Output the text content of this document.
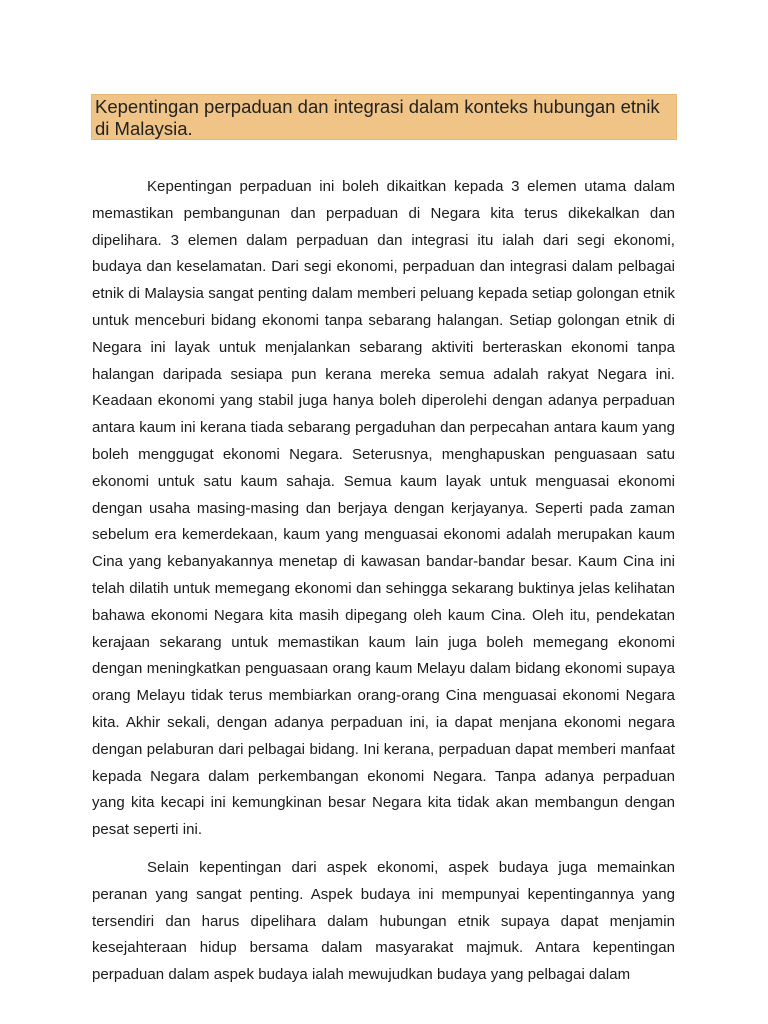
Kepentingan perpaduan dan integrasi dalam konteks hubungan etnik di Malaysia.

Kepentingan perpaduan ini boleh dikaitkan kepada 3 elemen utama dalam memastikan pembangunan dan perpaduan di Negara kita terus dikekalkan dan dipelihara. 3 elemen dalam perpaduan dan integrasi itu ialah dari segi ekonomi, budaya dan keselamatan. Dari segi ekonomi, perpaduan dan integrasi dalam pelbagai etnik di Malaysia sangat penting dalam memberi peluang kepada setiap golongan etnik untuk menceburi bidang ekonomi tanpa sebarang halangan. Setiap golongan etnik di Negara ini layak untuk menjalankan sebarang aktiviti berteraskan ekonomi tanpa halangan daripada sesiapa pun kerana mereka semua adalah rakyat Negara ini. Keadaan ekonomi yang stabil juga hanya boleh diperolehi dengan adanya perpaduan antara kaum ini kerana tiada sebarang pergaduhan dan perpecahan antara kaum yang boleh menggugat ekonomi Negara. Seterusnya, menghapuskan penguasaan satu ekonomi untuk satu kaum sahaja. Semua kaum layak untuk menguasai ekonomi dengan usaha masing-masing dan berjaya dengan kerjayanya. Seperti pada zaman sebelum era kemerdekaan, kaum yang menguasai ekonomi adalah merupakan kaum Cina yang kebanyakannya menetap di kawasan bandar-bandar besar. Kaum Cina ini telah dilatih untuk memegang ekonomi dan sehingga sekarang buktinya jelas kelihatan bahawa ekonomi Negara kita masih dipegang oleh kaum Cina. Oleh itu, pendekatan kerajaan sekarang untuk memastikan kaum lain juga boleh memegang ekonomi dengan meningkatkan penguasaan orang kaum Melayu dalam bidang ekonomi supaya orang Melayu tidak terus membiarkan orang-orang Cina menguasai ekonomi Negara kita. Akhir sekali, dengan adanya perpaduan ini, ia dapat menjana ekonomi negara dengan pelaburan dari pelbagai bidang. Ini kerana, perpaduan dapat memberi manfaat kepada Negara dalam perkembangan ekonomi Negara. Tanpa adanya perpaduan yang kita kecapi ini kemungkinan besar Negara kita tidak akan membangun dengan pesat seperti ini.

Selain kepentingan dari aspek ekonomi, aspek budaya juga memainkan peranan yang sangat penting. Aspek budaya ini mempunyai kepentingannya yang tersendiri dan harus dipelihara dalam hubungan etnik supaya dapat menjamin kesejahteraan hidup bersama dalam masyarakat majmuk. Antara kepentingan perpaduan dalam aspek budaya ialah mewujudkan budaya yang pelbagai dalam
